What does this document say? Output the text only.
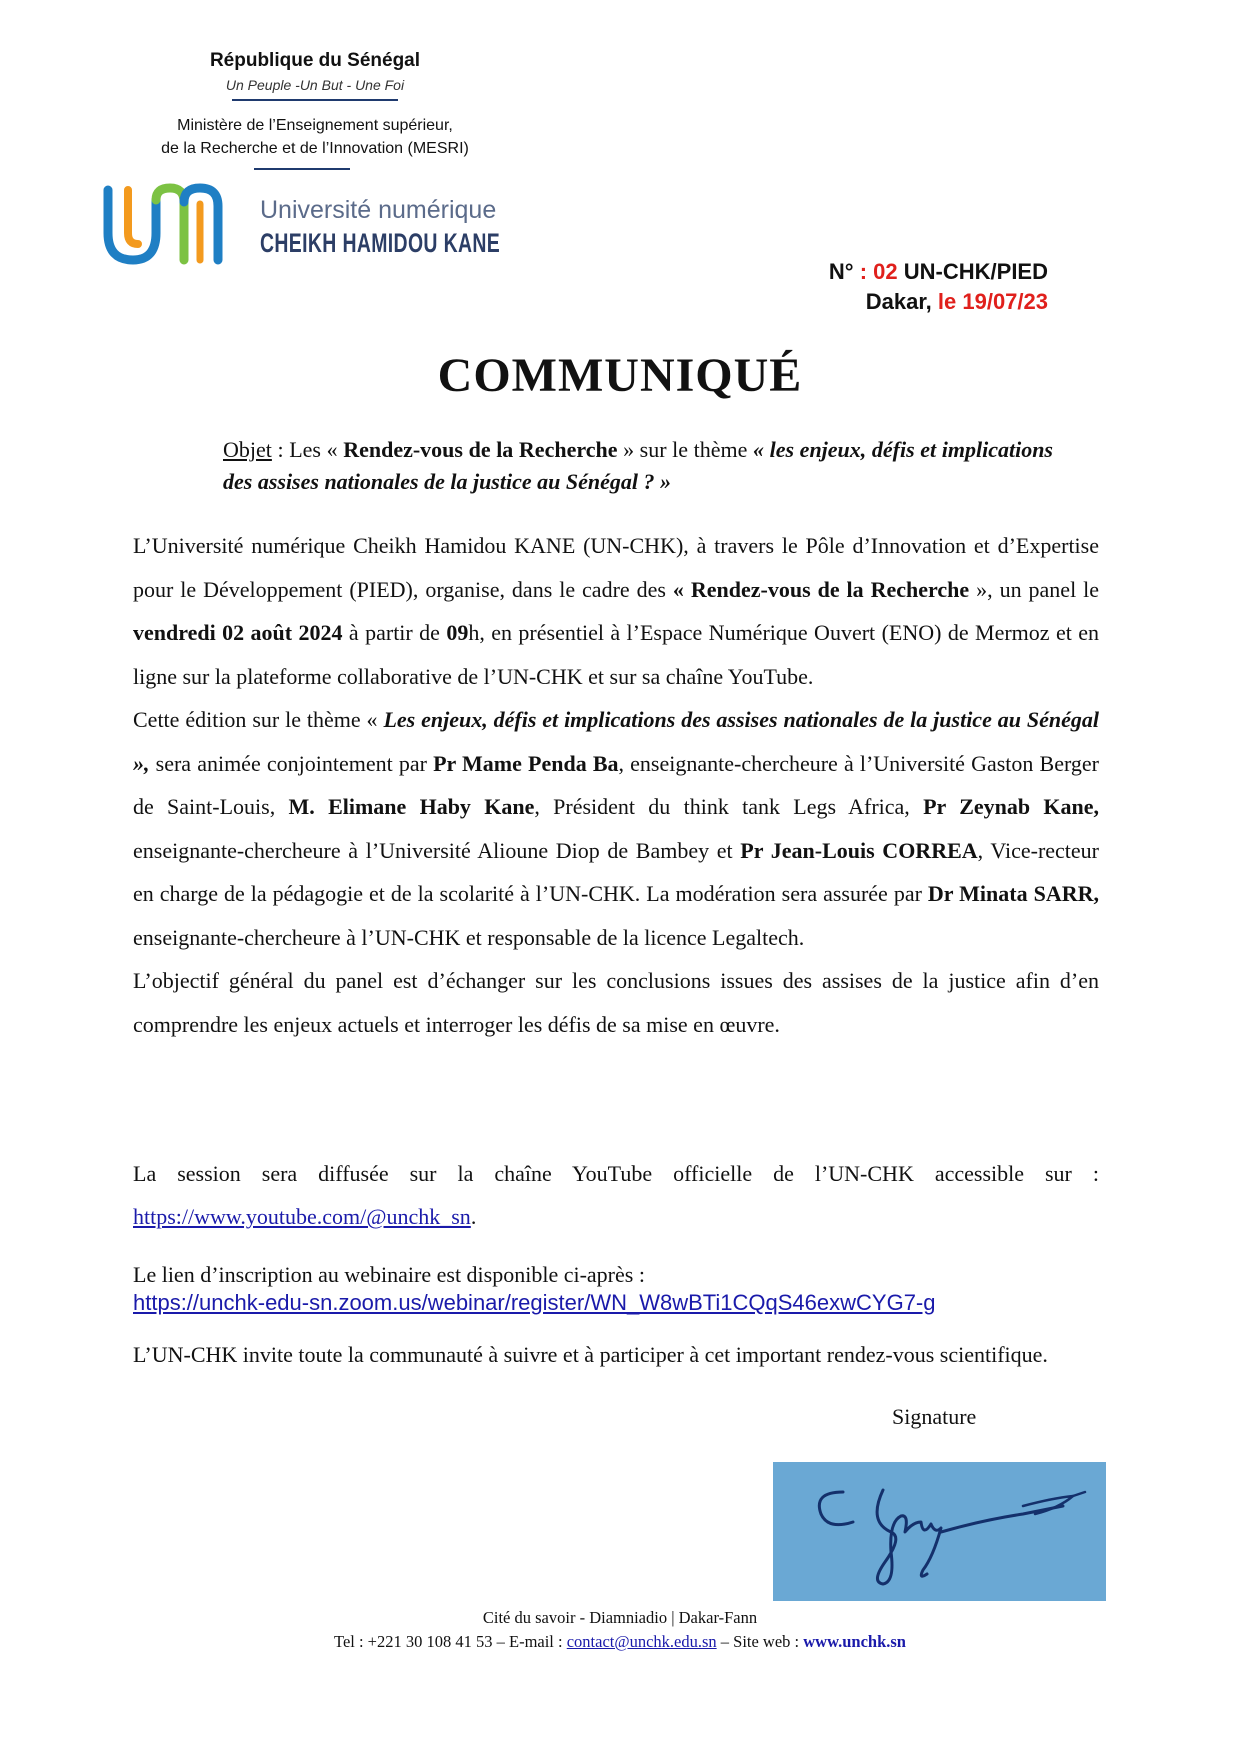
République du Sénégal
Un Peuple -Un But - Une Foi
Ministère de l’Enseignement supérieur,
de la Recherche et de l’Innovation (MESRI)
Université numérique
CHEIKH HAMIDOU KANE
N° : 02 UN-CHK/PIED
Dakar, le 19/07/23
COMMUNIQUÉ
Objet : Les « Rendez-vous de la Recherche » sur le thème « les enjeux, défis et implications des assises nationales de la justice au Sénégal ? »

L’Université numérique Cheikh Hamidou KANE (UN-CHK), à travers le Pôle d’Innovation et d’Expertise pour le Développement (PIED), organise, dans le cadre des « Rendez-vous de la Recherche », un panel le vendredi 02 août 2024 à partir de 09h, en présentiel à l’Espace Numérique Ouvert (ENO) de Mermoz et en ligne sur la plateforme collaborative de l’UN-CHK et sur sa chaîne YouTube.

Cette édition sur le thème « Les enjeux, défis et implications des assises nationales de la justice au Sénégal », sera animée conjointement par Pr Mame Penda Ba, enseignante-chercheure à l’Université Gaston Berger de Saint-Louis, M. Elimane Haby Kane, Président du think tank Legs Africa, Pr Zeynab Kane, enseignante-chercheure à l’Université Alioune Diop de Bambey et Pr Jean-Louis CORREA, Vice-recteur en charge de la pédagogie et de la scolarité à l’UN-CHK. La modération sera assurée par Dr Minata SARR, enseignante-chercheure à l’UN-CHK et responsable de la licence Legaltech.

L’objectif général du panel est d’échanger sur les conclusions issues des assises de la justice afin d’en comprendre les enjeux actuels et interroger les défis de sa mise en œuvre.

La session sera diffusée sur la chaîne YouTube officielle de l’UN-CHK accessible sur : https://www.youtube.com/@unchk_sn.
Le lien d’inscription au webinaire est disponible ci-après :
https://unchk-edu-sn.zoom.us/webinar/register/WN_W8wBTi1CQqS46exwCYG7-g
L’UN-CHK invite toute la communauté à suivre et à participer à cet important rendez-vous scientifique.
Signature
Cité du savoir - Diamniadio | Dakar-Fann
Tel : +221 30 108 41 53 – E-mail : contact@unchk.edu.sn – Site web : www.unchk.sn
